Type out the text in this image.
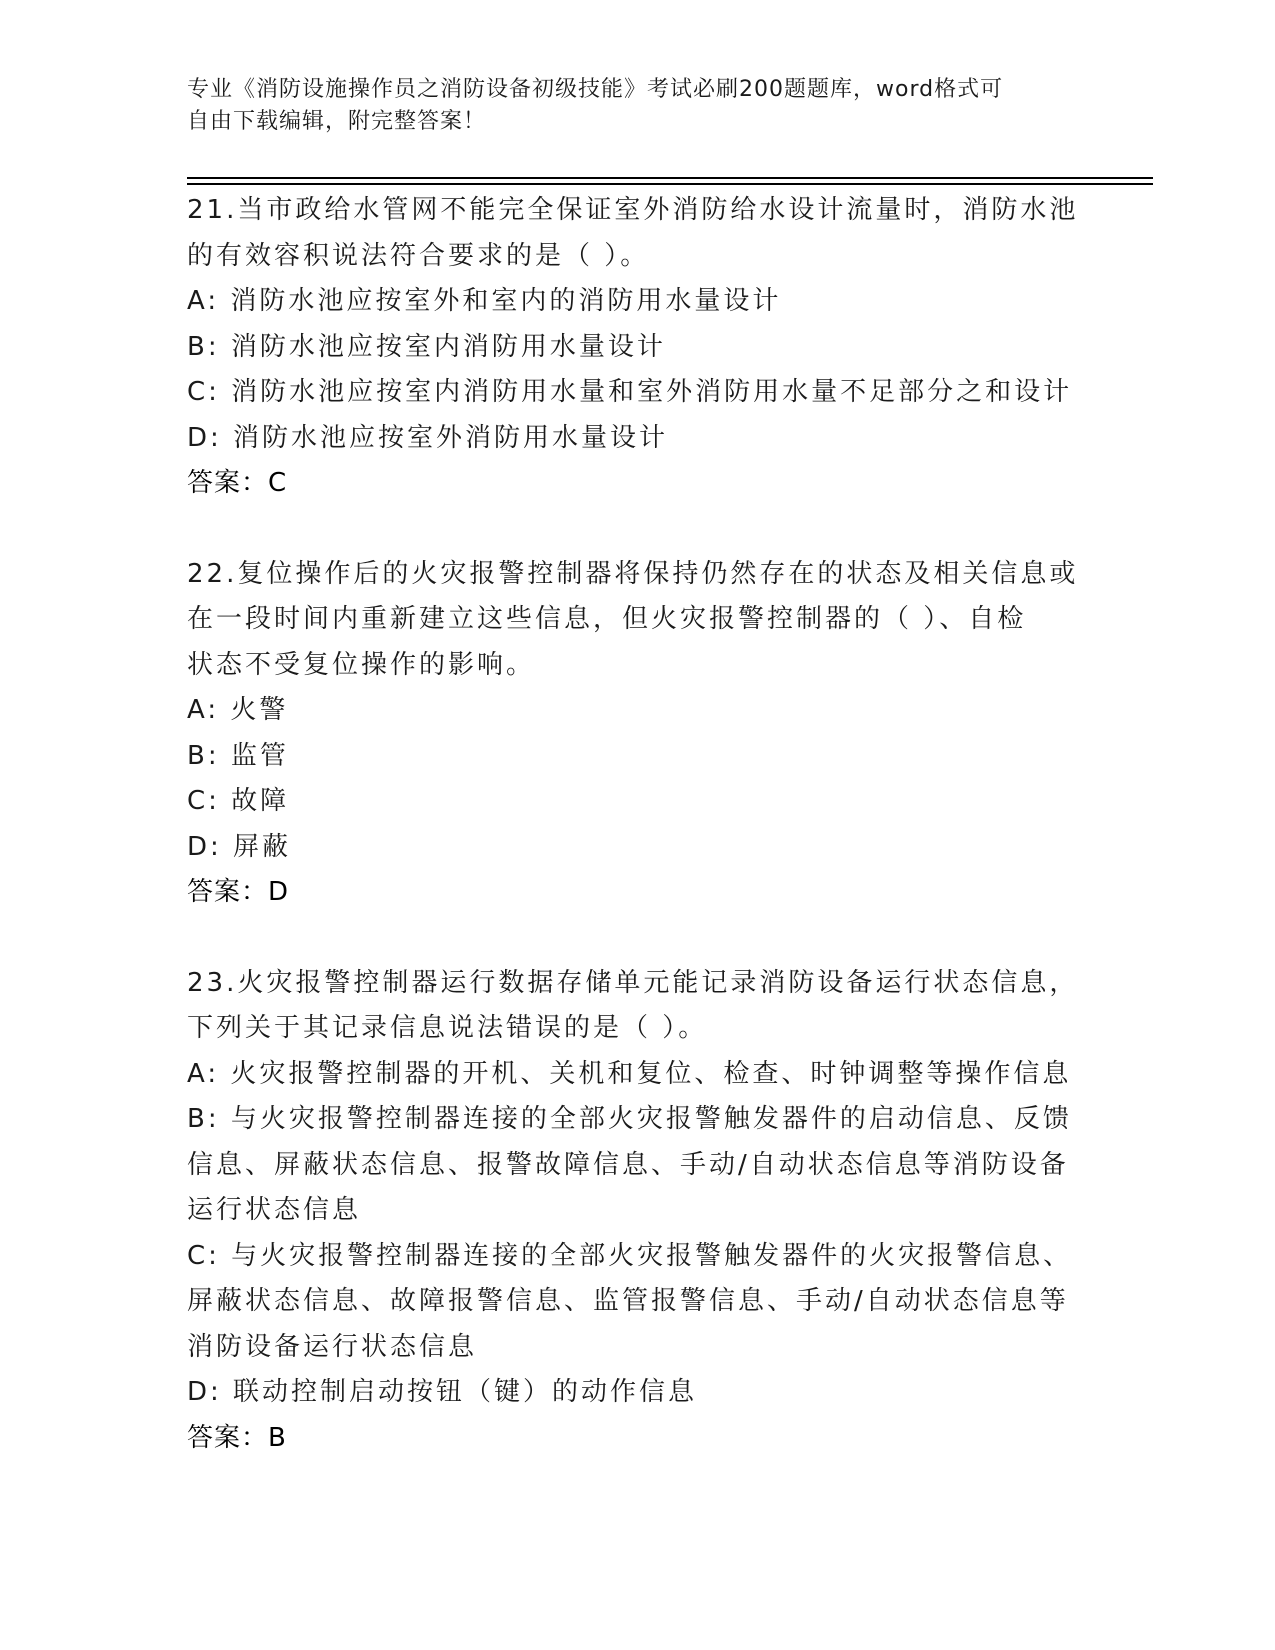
专业《消防设施操作员之消防设备初级技能》考试必刷200题题库，word格式可
自由下载编辑，附完整答案！
21.当市政给水管网不能完全保证室外消防给水设计流量时，消防水池
的有效容积说法符合要求的是（ ）。
A: 消防水池应按室外和室内的消防用水量设计
B: 消防水池应按室内消防用水量设计
C: 消防水池应按室内消防用水量和室外消防用水量不足部分之和设计
D: 消防水池应按室外消防用水量设计
答案：C
22.复位操作后的火灾报警控制器将保持仍然存在的状态及相关信息或
在一段时间内重新建立这些信息，但火灾报警控制器的（ ）、自检
状态不受复位操作的影响。
A: 火警
B: 监管
C: 故障
D: 屏蔽
答案：D
23.火灾报警控制器运行数据存储单元能记录消防设备运行状态信息，
下列关于其记录信息说法错误的是（ ）。
A: 火灾报警控制器的开机、关机和复位、检查、时钟调整等操作信息
B: 与火灾报警控制器连接的全部火灾报警触发器件的启动信息、反馈
信息、屏蔽状态信息、报警故障信息、手动/自动状态信息等消防设备
运行状态信息
C: 与火灾报警控制器连接的全部火灾报警触发器件的火灾报警信息、
屏蔽状态信息、故障报警信息、监管报警信息、手动/自动状态信息等
消防设备运行状态信息
D: 联动控制启动按钮（键）的动作信息
答案：B
